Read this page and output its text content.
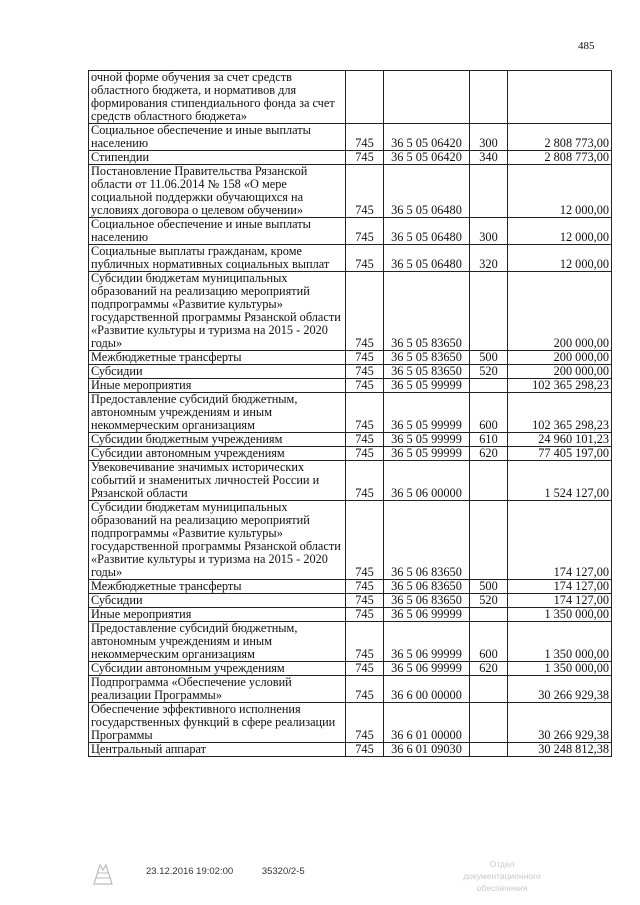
485
очной форме обучения за счет средств областного бюджета, и нормативов для формирования стипендиального фонда за счет средств областного бюджета»				
Социальное обеспечение и иные выплаты населению	745	36 5 05 06420	300	2 808 773,00
Стипендии	745	36 5 05 06420	340	2 808 773,00
Постановление Правительства Рязанской области от 11.06.2014 № 158 «О мере социальной поддержки обучающихся на условиях договора о целевом обучении»	745	36 5 05 06480		12 000,00
Социальное обеспечение и иные выплаты населению	745	36 5 05 06480	300	12 000,00
Социальные выплаты гражданам, кроме публичных нормативных социальных выплат	745	36 5 05 06480	320	12 000,00
Субсидии бюджетам муниципальных образований на реализацию мероприятий подпрограммы «Развитие культуры» государственной программы Рязанской области «Развитие культуры и туризма на 2015 - 2020 годы»	745	36 5 05 83650		200 000,00
Межбюджетные трансферты	745	36 5 05 83650	500	200 000,00
Субсидии	745	36 5 05 83650	520	200 000,00
Иные мероприятия	745	36 5 05 99999		102 365 298,23
Предоставление субсидий бюджетным, автономным учреждениям и иным некоммерческим организациям	745	36 5 05 99999	600	102 365 298,23
Субсидии бюджетным учреждениям	745	36 5 05 99999	610	24 960 101,23
Субсидии автономным учреждениям	745	36 5 05 99999	620	77 405 197,00
Увековечивание значимых исторических событий и знаменитых личностей России и Рязанской области	745	36 5 06 00000		1 524 127,00
Субсидии бюджетам муниципальных образований на реализацию мероприятий подпрограммы «Развитие культуры» государственной программы Рязанской области «Развитие культуры и туризма на 2015 - 2020 годы»	745	36 5 06 83650		174 127,00
Межбюджетные трансферты	745	36 5 06 83650	500	174 127,00
Субсидии	745	36 5 06 83650	520	174 127,00
Иные мероприятия	745	36 5 06 99999		1 350 000,00
Предоставление субсидий бюджетным, автономным учреждениям и иным некоммерческим организациям	745	36 5 06 99999	600	1 350 000,00
Субсидии автономным учреждениям	745	36 5 06 99999	620	1 350 000,00
Подпрограмма «Обеспечение условий реализации Программы»	745	36 6 00 00000		30 266 929,38
Обеспечение эффективного исполнения государственных функций в сфере реализации Программы	745	36 6 01 00000		30 266 929,38
Центральный аппарат	745	36 6 01 09030		30 248 812,38
23.12.2016 19:02:00	35320/2-5
Отдел документационного
обеспечения
